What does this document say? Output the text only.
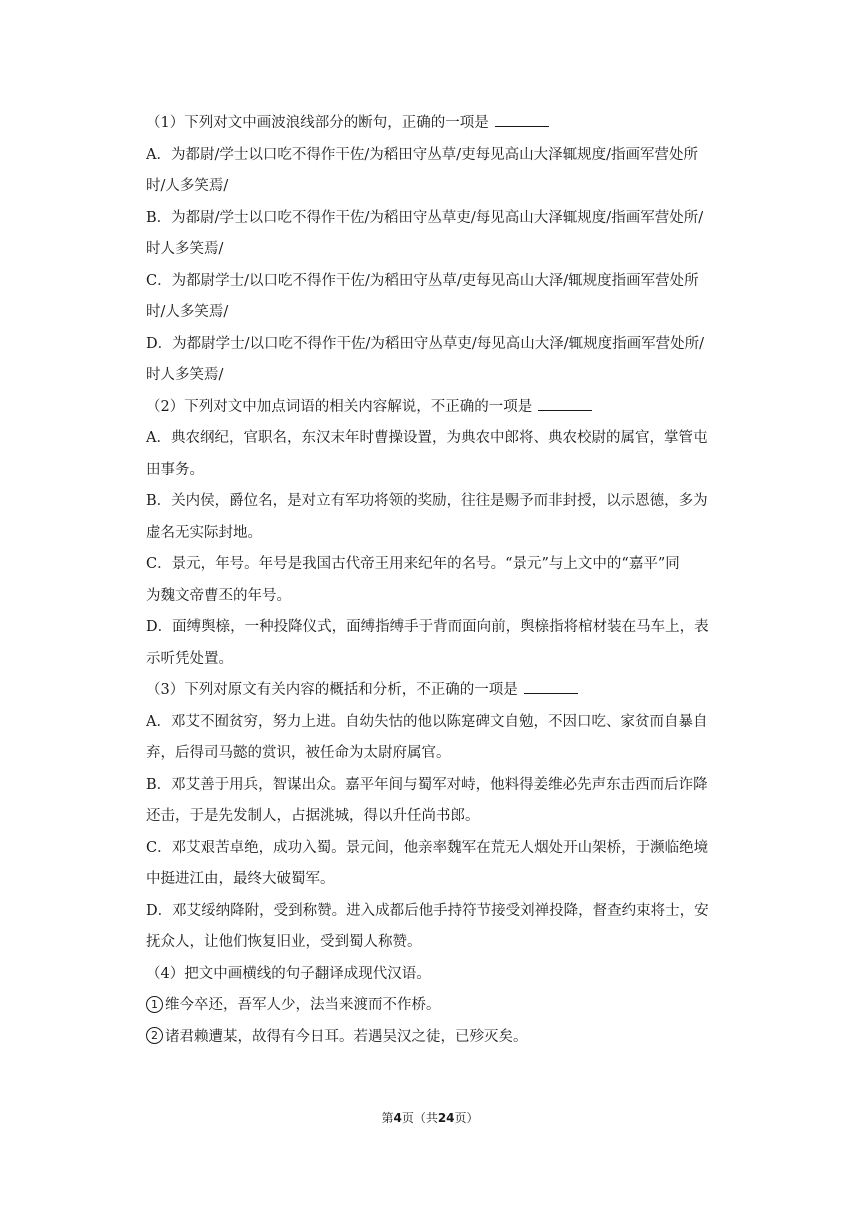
（1）下列对文中画波浪线部分的断句，正确的一项是
A．为都尉/学士以口吃不得作干佐/为稻田守丛草/吏每见高山大泽辄规度/指画军营处所
时/人多笑焉/
B．为都尉/学士以口吃不得作干佐/为稻田守丛草吏/每见高山大泽辄规度/指画军营处所/
时人多笑焉/
C．为都尉学士/以口吃不得作干佐/为稻田守丛草/吏每见高山大泽/辄规度指画军营处所
时/人多笑焉/
D．为都尉学士/以口吃不得作干佐/为稻田守丛草吏/每见高山大泽/辄规度指画军营处所/
时人多笑焉/
（2）下列对文中加点词语的相关内容解说，不正确的一项是
A．典农纲纪，官职名，东汉末年时曹操设置，为典农中郎将、典农校尉的属官，掌管屯
田事务。
B．关内侯，爵位名，是对立有军功将领的奖励，往往是赐予而非封授，以示恩德，多为
虚名无实际封地。
C．景元，年号。年号是我国古代帝王用来纪年的名号。“景元”与上文中的“嘉平”同
为魏文帝曹丕的年号。
D．面缚舆榇，一种投降仪式，面缚指缚手于背而面向前，舆榇指将棺材装在马车上，表
示听凭处置。
（3）下列对原文有关内容的概括和分析，不正确的一项是
A．邓艾不囿贫穷，努力上进。自幼失怙的他以陈寔碑文自勉，不因口吃、家贫而自暴自
弃，后得司马懿的赏识，被任命为太尉府属官。
B．邓艾善于用兵，智谋出众。嘉平年间与蜀军对峙，他料得姜维必先声东击西而后诈降
还击，于是先发制人，占据洮城，得以升任尚书郎。
C．邓艾艰苦卓绝，成功入蜀。景元间，他亲率魏军在荒无人烟处开山架桥，于濒临绝境
中挺进江由，最终大破蜀军。
D．邓艾绥纳降附，受到称赞。进入成都后他手持符节接受刘禅投降，督查约束将士，安
抚众人，让他们恢复旧业，受到蜀人称赞。
（4）把文中画横线的句子翻译成现代汉语。
1 维今卒还，吾军人少，法当来渡而不作桥。
2 诸君赖遭某，故得有今日耳。若遇吴汉之徒，已殄灭矣。
第4页（共24页）
